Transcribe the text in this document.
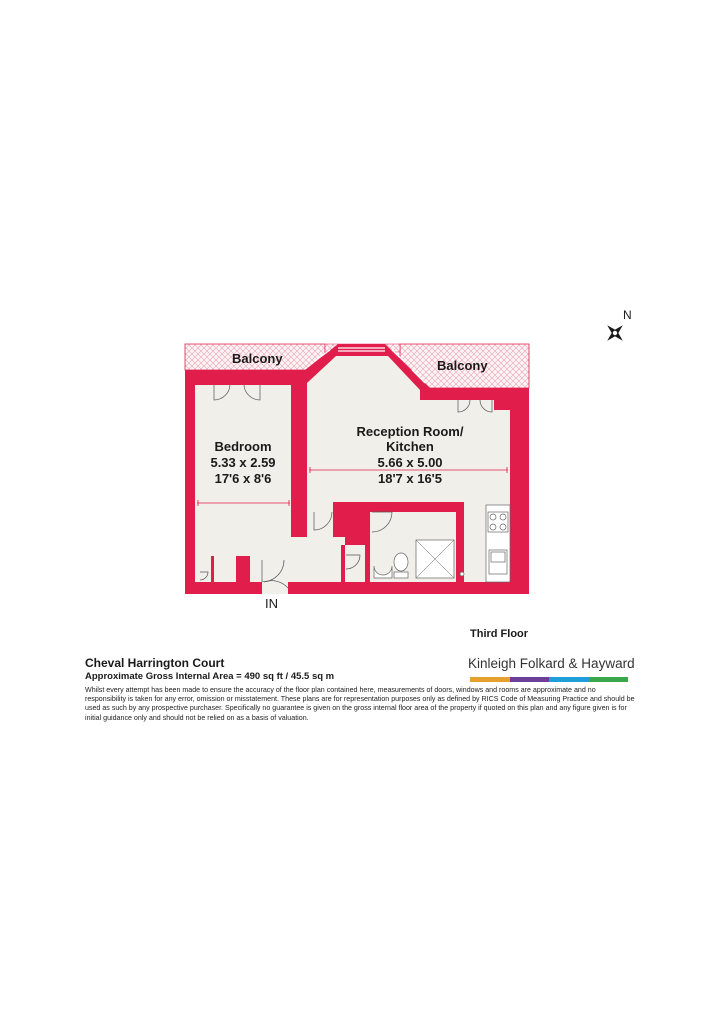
Balcony	Balcony
Bedroom
5.33 x 2.59
17'6 x 8'6
Reception Room/
Kitchen
5.66 x 5.00
18'7 x 16'5
IN
N
Third Floor
Cheval Harrington Court
Approximate Gross Internal Area = 490 sq ft / 45.5 sq m
Whilst every attempt has been made to ensure the accuracy of the floor plan contained here, measurements of doors, windows and rooms are approximate and no responsibility is taken for any error, omission or misstatement. These plans are for representation purposes only as defined by RICS Code of Measuring Practice and should be used as such by any prospective purchaser. Specifically no guarantee is given on the gross internal floor area of the property if quoted on this plan and any figure given is for initial guidance only and should not be relied on as a basis of valuation.
Kinleigh Folkard & Hayward
